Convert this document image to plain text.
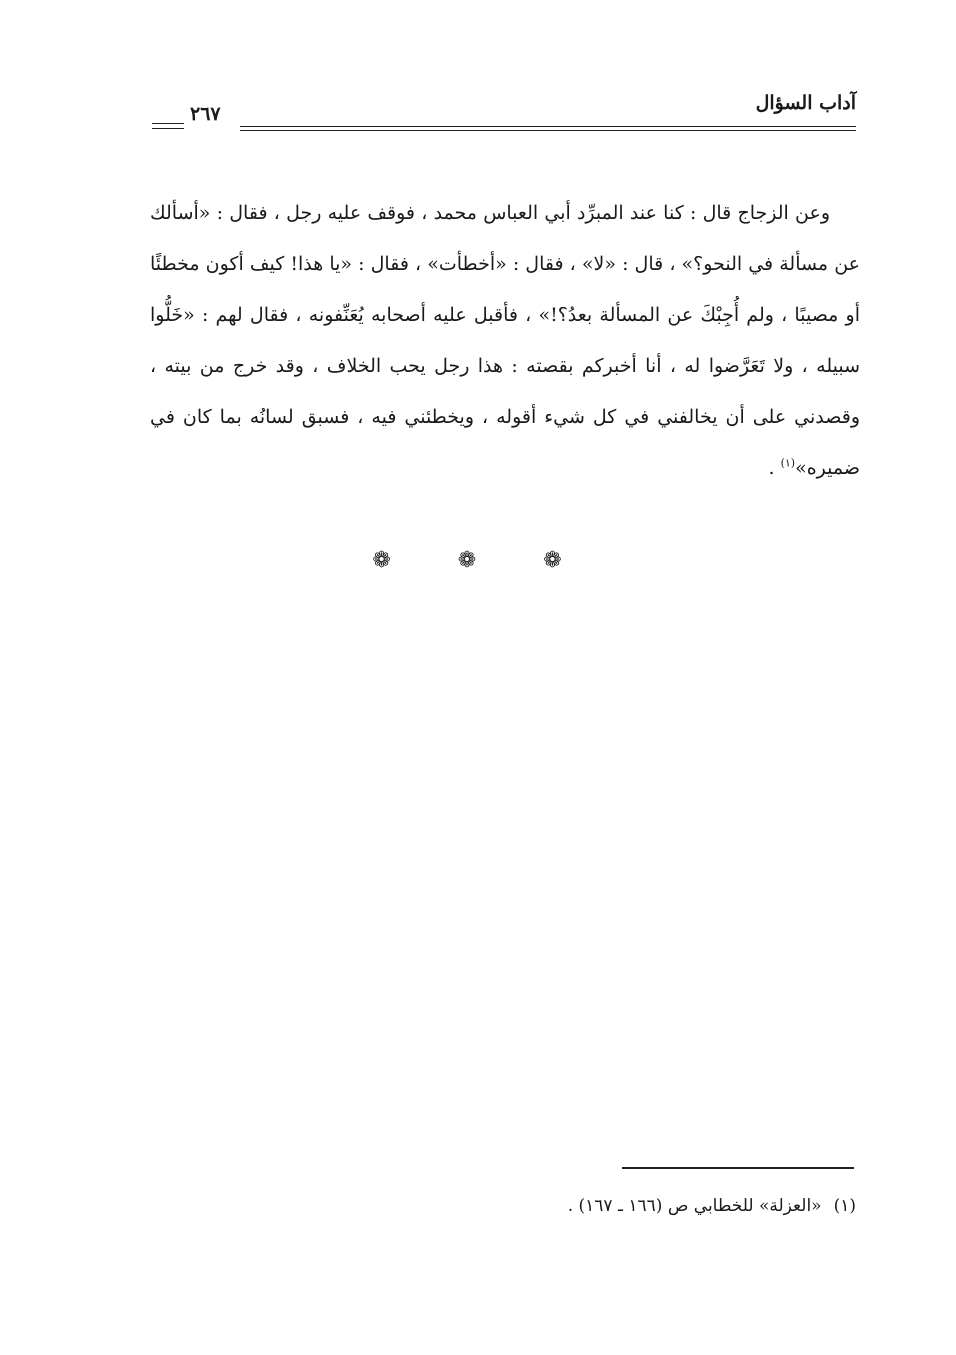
آداب السؤال
٢٦٧

وعن الزجاج قال : كنا عند المبرِّد أبي العباس محمد ، فوقف عليه رجل ، فقال : «أسألك عن مسألة في النحو؟» ، قال : «لا» ، فقال : «أخطأت» ، فقال : «يا هذا! كيف أكون مخطئًا أو مصيبًا ، ولم أُجِبْكَ عن المسألة بعدُ؟!» ، فأقبل عليه أصحابه يُعَنِّفونه ، فقال لهم : «خَلُّوا سبيله ، ولا تَعَرَّضوا له ، أنا أخبركم بقصته : هذا رجل يحب الخلاف ، وقد خرج من بيته ، وقصدني على أن يخالفني في كل شيء أقوله ، ويخطئني فيه ، فسبق لسانُه بما كان في ضميره»$^{(١)}$ .

❁ ❁ ❁
(١)«العزلة» للخطابي ص (١٦٦ ـ ١٦٧) .
